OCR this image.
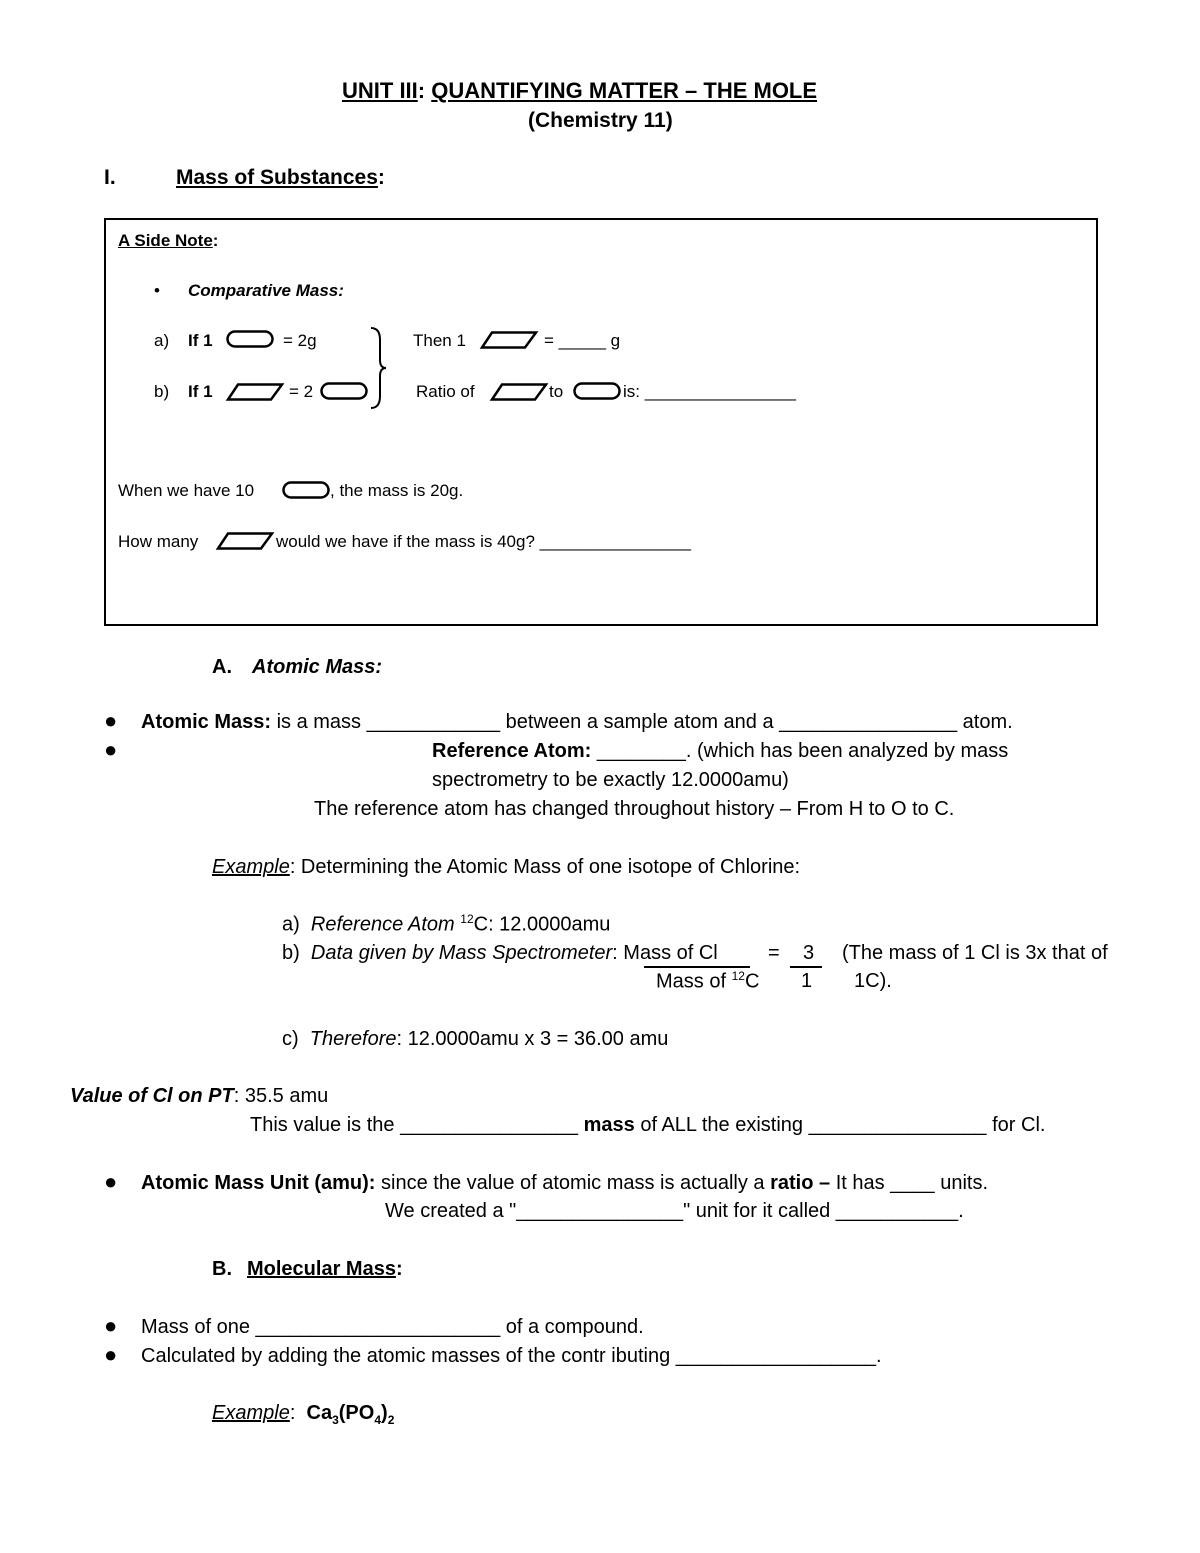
UNIT III: QUANTIFYING MATTER – THE MOLE
(Chemistry 11)
I.	Mass of Substances:
A Side Note:
• Comparative Mass:
a) If 1	= 2g	Then 1	= _____ g
b) If 1	= 2	Ratio of	to	is: ________________
When we have 10	, the mass is 20g.
How many	would we have if the mass is 40g? ________________
A. Atomic Mass:
● Atomic Mass: is a mass ____________ between a sample atom and a ________________ atom.
●	Reference Atom: ________. (which has been analyzed by mass
spectrometry to be exactly 12.0000amu)
The reference atom has changed throughout history – From H to O to C.
Example: Determining the Atomic Mass of one isotope of Chlorine:
a) Reference Atom $^{12}$C: 12.0000amu
b) Data given by Mass Spectrometer: Mass of Cl	= 3 (The mass of 1 Cl is 3x that of
Mass of $^{12}$C 1 1C).
c) Therefore: 12.0000amu x 3 = 36.00 amu
Value of Cl on PT: 35.5 amu
This value is the ________________ mass of ALL the existing ________________ for Cl.
● Atomic Mass Unit (amu): since the value of atomic mass is actually a ratio – It has ____ units.
We created a "_______________" unit for it called ___________.
B. Molecular Mass:
● Mass of one ______________________ of a compound.
● Calculated by adding the atomic masses of the contr ibuting __________________.
Example: $Ca_3(PO_4)_2$
